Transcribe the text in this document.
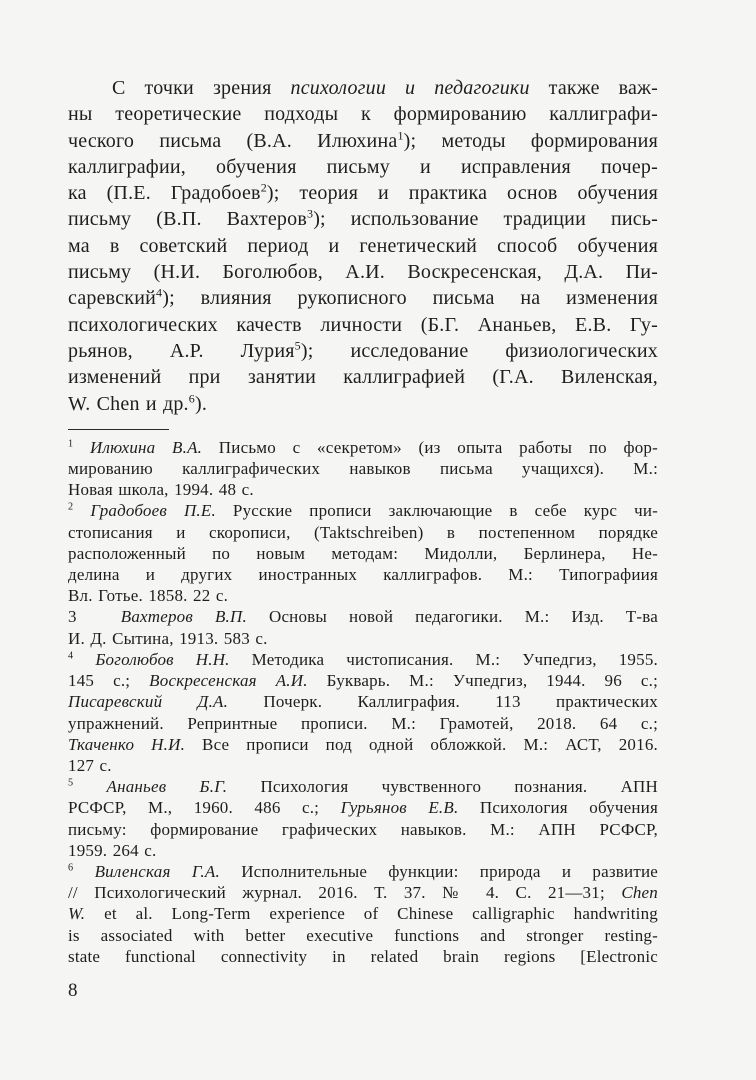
С точки зрения психологии и педагогики также важ-
ны теоретические подходы к формированию каллиграфи-
ческого письма (В.А. Илюхина$^1$); методы формирования
каллиграфии, обучения письму и исправления почер-
ка (П.Е. Градобоев$^2$); теория и практика основ обучения
письму (В.П. Вахтеров$^3$); использование традиции пись-
ма в советский период и генетический способ обучения
письму (Н.И. Боголюбов, А.И. Воскресенская, Д.А. Пи-
саревский$^4$); влияния рукописного письма на изменения
психологических качеств личности (Б.Г. Ананьев, Е.В. Гу-
рьянов, А.Р. Лурия$^5$); исследование физиологических
изменений при занятии каллиграфией (Г.А. Виленская,
W. Chen и др.$^6$).
$^1$ Илюхина В.А. Письмо с «секретом» (из опыта работы по фор-
мированию каллиграфических навыков письма учащихся). М.:
Новая школа, 1994. 48 с.
$^2$ Градобоев П.Е. Русские прописи заключающие в себе курс чи-
стописания и скорописи, (Taktschreiben) в постепенном порядке
расположенный по новым методам: Мидолли, Берлинера, Не-
делина и других иностранных каллиграфов. М.: Типографиия
Вл. Готье. 1858. 22 с.
3  Вахтеров В.П. Основы новой педагогики. М.: Изд. Т-ва
И. Д. Сытина, 1913. 583 с.
$^4$ Боголюбов Н.Н. Методика чистописания. М.: Учпедгиз, 1955.
145 с.; Воскресенская А.И. Букварь. М.: Учпедгиз, 1944. 96 с.;
Писаревский Д.А. Почерк. Каллиграфия. 113 практических
упражнений. Репринтные прописи. М.: Грамотей, 2018. 64 с.;
Ткаченко Н.И. Все прописи под одной обложкой. М.: АСТ, 2016.
127 с.
$^5$ Ананьев Б.Г. Психология чувственного познания. АПН
РСФСР, М., 1960. 486 с.; Гурьянов Е.В. Психология обучения
письму: формирование графических навыков. М.: АПН РСФСР,
1959. 264 с.
$^6$ Виленская Г.А. Исполнительные функции: природа и развитие
// Психологический журнал. 2016. Т. 37. № 4. С. 21—31; Chen
W. et al. Long-Term experience of Chinese calligraphic handwriting
is associated with better executive functions and stronger resting-
state functional connectivity in related brain regions [Electronic
8
